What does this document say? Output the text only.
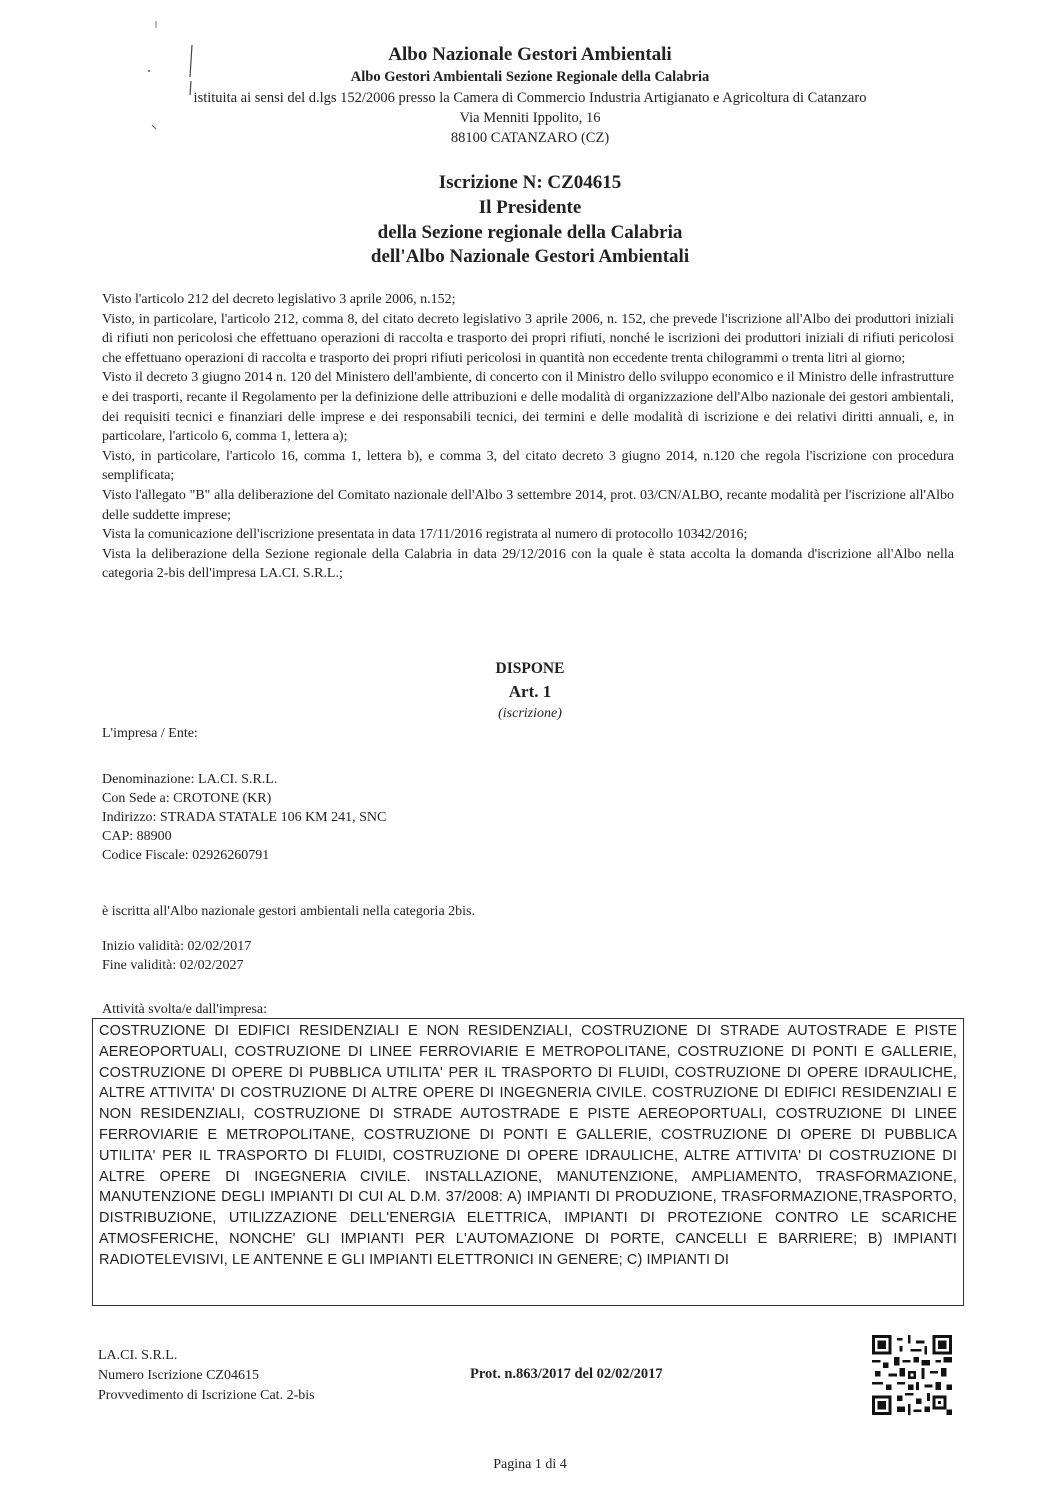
Albo Nazionale Gestori Ambientali
Albo Gestori Ambientali Sezione Regionale della Calabria
istituita ai sensi del d.lgs 152/2006 presso la Camera di Commercio Industria Artigianato e Agricoltura di Catanzaro
Via Menniti Ippolito, 16
88100 CATANZARO (CZ)
Iscrizione N: CZ04615
Il Presidente
della Sezione regionale della Calabria
dell'Albo Nazionale Gestori Ambientali

Visto l'articolo 212 del decreto legislativo 3 aprile 2006, n.152;

Visto, in particolare, l'articolo 212, comma 8, del citato decreto legislativo 3 aprile 2006, n. 152, che prevede l'iscrizione all'Albo dei produttori iniziali di rifiuti non pericolosi che effettuano operazioni di raccolta e trasporto dei propri rifiuti, nonché le iscrizioni dei produttori iniziali di rifiuti pericolosi che effettuano operazioni di raccolta e trasporto dei propri rifiuti pericolosi in quantità non eccedente trenta chilogrammi o trenta litri al giorno;

Visto il decreto 3 giugno 2014 n. 120 del Ministero dell'ambiente, di concerto con il Ministro dello sviluppo economico e il Ministro delle infrastrutture e dei trasporti, recante il Regolamento per la definizione delle attribuzioni e delle modalità di organizzazione dell'Albo nazionale dei gestori ambientali, dei requisiti tecnici e finanziari delle imprese e dei responsabili tecnici, dei termini e delle modalità di iscrizione e dei relativi diritti annuali, e, in particolare, l'articolo 6, comma 1, lettera a);

Visto, in particolare, l'articolo 16, comma 1, lettera b), e comma 3, del citato decreto 3 giugno 2014, n.120 che regola l'iscrizione con procedura semplificata;

Visto l'allegato "B" alla deliberazione del Comitato nazionale dell'Albo 3 settembre 2014, prot. 03/CN/ALBO, recante modalità per l'iscrizione all'Albo delle suddette imprese;

Vista la comunicazione dell'iscrizione presentata in data 17/11/2016 registrata al numero di protocollo 10342/2016;

Vista la deliberazione della Sezione regionale della Calabria in data 29/12/2016 con la quale è stata accolta la domanda d'iscrizione all'Albo nella categoria 2-bis dell'impresa LA.CI. S.R.L.;

DISPONE
Art. 1
(iscrizione)
L'impresa / Ente:

Denominazione: LA.CI. S.R.L.

Con Sede a: CROTONE (KR)

Indirizzo: STRADA STATALE 106 KM 241, SNC

CAP: 88900

Codice Fiscale: 02926260791

è iscritta all'Albo nazionale gestori ambientali nella categoria 2bis.

Inizio validità: 02/02/2017

Fine validità: 02/02/2027

Attività svolta/e dall'impresa:
COSTRUZIONE DI EDIFICI RESIDENZIALI E NON RESIDENZIALI, COSTRUZIONE DI STRADE AUTOSTRADE E PISTE AEREOPORTUALI, COSTRUZIONE DI LINEE FERROVIARIE E METROPOLITANE, COSTRUZIONE DI PONTI E GALLERIE, COSTRUZIONE DI OPERE DI PUBBLICA UTILITA' PER IL TRASPORTO DI FLUIDI, COSTRUZIONE DI OPERE IDRAULICHE, ALTRE ATTIVITA' DI COSTRUZIONE DI ALTRE OPERE DI INGEGNERIA CIVILE. COSTRUZIONE DI EDIFICI RESIDENZIALI E NON RESIDENZIALI, COSTRUZIONE DI STRADE AUTOSTRADE E PISTE AEREOPORTUALI, COSTRUZIONE DI LINEE FERROVIARIE E METROPOLITANE, COSTRUZIONE DI PONTI E GALLERIE, COSTRUZIONE DI OPERE DI PUBBLICA UTILITA' PER IL TRASPORTO DI FLUIDI, COSTRUZIONE DI OPERE IDRAULICHE, ALTRE ATTIVITA' DI COSTRUZIONE DI ALTRE OPERE DI INGEGNERIA CIVILE. INSTALLAZIONE, MANUTENZIONE, AMPLIAMENTO, TRASFORMAZIONE, MANUTENZIONE DEGLI IMPIANTI DI CUI AL D.M. 37/2008: A) IMPIANTI DI PRODUZIONE, TRASFORMAZIONE,TRASPORTO, DISTRIBUZIONE, UTILIZZAZIONE DELL'ENERGIA ELETTRICA, IMPIANTI DI PROTEZIONE CONTRO LE SCARICHE ATMOSFERICHE, NONCHE' GLI IMPIANTI PER L'AUTOMAZIONE DI PORTE, CANCELLI E BARRIERE; B) IMPIANTI RADIOTELEVISIVI, LE ANTENNE E GLI IMPIANTI ELETTRONICI IN GENERE; C) IMPIANTI DI

LA.CI. S.R.L.

Numero Iscrizione CZ04615

Provvedimento di Iscrizione Cat. 2-bis

Prot. n.863/2017 del 02/02/2017
Pagina 1 di 4
